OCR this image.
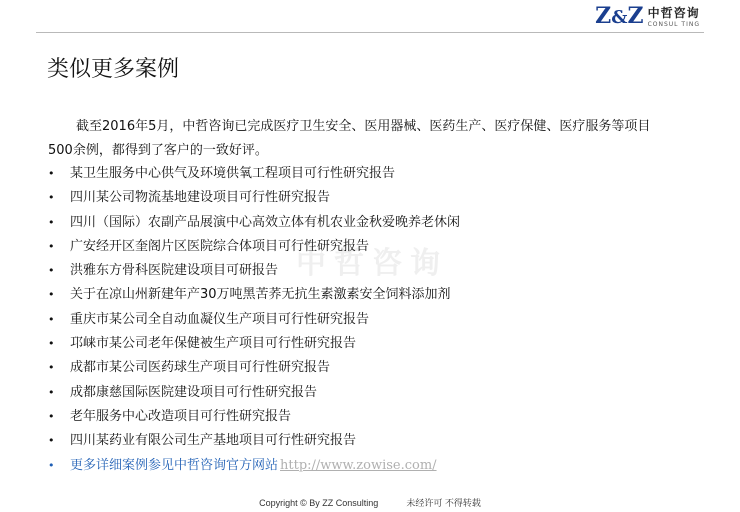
Z&Z 中哲咨询
CONSUL TING
类似更多案例

截至2016年5月，中哲咨询已完成医疗卫生安全、医用器械、医药生产、医疗保健、医疗服务等项目500余例，都得到了客户的一致好评。

中哲咨询
• 某卫生服务中心供气及环境供氧工程项目可行性研究报告
• 四川某公司物流基地建设项目可行性研究报告
• 四川（国际）农副产品展演中心高效立体有机农业金秋爱晚养老休闲
• 广安经开区奎阁片区医院综合体项目可行性研究报告
• 洪雅东方骨科医院建设项目可研报告
• 关于在凉山州新建年产30万吨黑苦荞无抗生素激素安全饲料添加剂
• 重庆市某公司全自动血凝仪生产项目可行性研究报告
• 邛崃市某公司老年保健被生产项目可行性研究报告
• 成都市某公司医药球生产项目可行性研究报告
• 成都康慈国际医院建设项目可行性研究报告
• 老年服务中心改造项目可行性研究报告
• 四川某药业有限公司生产基地项目可行性研究报告
• 更多详细案例参见中哲咨询官方网站 http://www.zowise.com/
Copyright © By ZZ Consulting	未经许可 不得转载
